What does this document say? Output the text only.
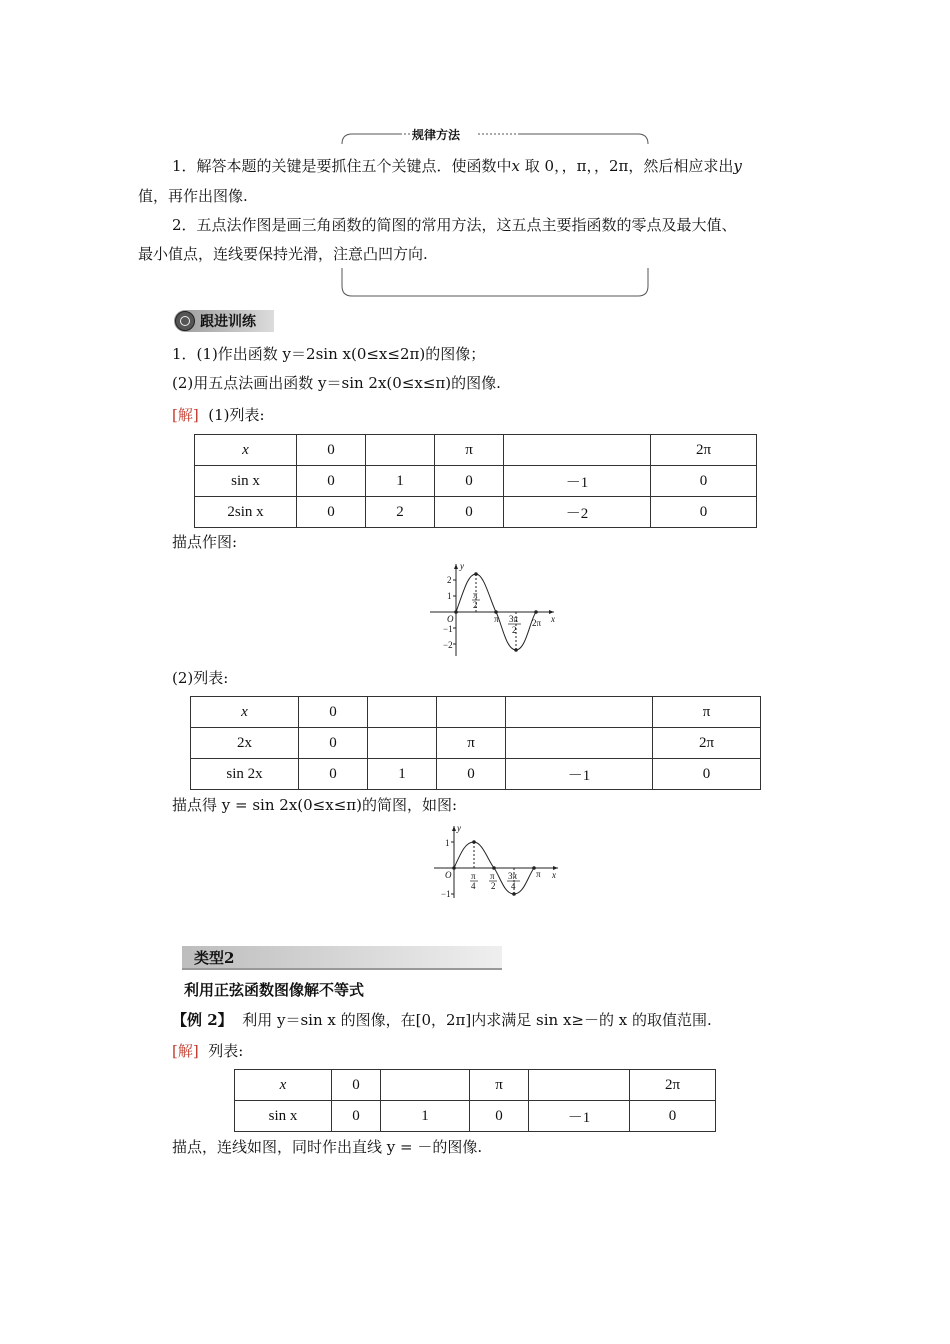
规律方法
1．解答本题的关键是要抓住五个关键点．使函数中x 取 0，，π，，2π，然后相应求出y
值，再作出图像.
2．五点法作图是画三角函数的简图的常用方法，这五点主要指函数的零点及最大值、
最小值点，连线要保持光滑，注意凸凹方向.
跟进训练
1．(1)作出函数 y＝2sin x(0≤x≤2π)的图像；
(2)用五点法画出函数 y＝sin 2x(0≤x≤π)的图像.
[解] (1)列表:
x	0		π		2π
sin x	0	1	0	－1	0
2sin x	0	2	0	－2	0
描点作图:
y
x
O
2
1
−1
−2
π
2
π 3π
2
2π
(2)列表:
x	0				π
2x	0		π		2π
sin 2x	0	1	0	－1	0
描点得 y = sin 2x(0≤x≤π)的简图，如图:
y
x
O
1
−1
π
4
π
2
3π
4
π
类型2
利用正弦函数图像解不等式
【例 2】 利用 y＝sin x 的图像，在[0，2π]内求满足 sin x≥－的 x 的取值范围.
[解] 列表:
x	0		π		2π
sin x	0	1	0	－1	0
描点，连线如图，同时作出直线 y = －的图像.
